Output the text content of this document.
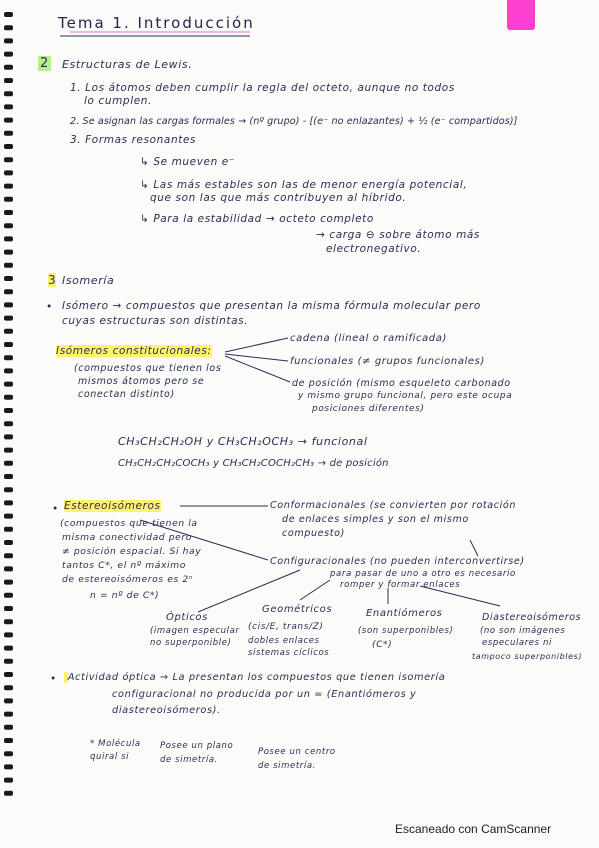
Tema 1. Introducción
2 Estructuras de Lewis.
1. Los átomos deben cumplir la regla del octeto, aunque no todos
lo cumplen.
2. Se asignan las cargas formales → (nº grupo) - [(e⁻ no enlazantes) + ½ (e⁻ compartidos)]
3. Formas resonantes
↳ Se mueven e⁻
↳ Las más estables son las de menor energía potencial,
que son las que más contribuyen al híbrido.
↳ Para la estabilidad → octeto completo
→ carga ⊖ sobre átomo más
electronegativo.
3 Isomería
• Isómero → compuestos que presentan la misma fórmula molecular pero
cuyas estructuras son distintas.
Isómeros constitucionales:
(compuestos que tienen los
mismos átomos pero se
conectan distinto)
cadena (lineal o ramificada)
funcionales (≠ grupos funcionales)
de posición (mismo esqueleto carbonado
y mismo grupo funcional, pero este ocupa
posiciones diferentes)
CH₃CH₂CH₂OH y CH₃CH₂OCH₃ → funcional
CH₃CH₂CH₂COCH₃ y CH₃CH₂COCH₂CH₃ → de posición
• Estereoisómeros
(compuestos que tienen la
misma conectividad pero
≠ posición espacial. Si hay
tantos C*, el nº máximo
de estereoisómeros es 2ⁿ
n = nº de C*)
Conformacionales (se convierten por rotación
de enlaces simples y son el mismo
compuesto)
Configuracionales (no pueden interconvertirse)
para pasar de uno a otro es necesario
romper y formar enlaces
Ópticos
(imagen especular
no superponible)
Geométricos
(cis/E, trans/Z)
dobles enlaces
sistemas cíclicos
Enantiómeros
(son superponibles)
(C*)
Diastereoisómeros
(no son imágenes
especulares ni
tampoco superponibles)
•	Actividad óptica → La presentan los compuestos que tienen isomería
configuracional no producida por un = (Enantiómeros y
diastereoisómeros).
* Molécula
quiral si
Posee un plano
de simetría.
Posee un centro
de simetría.
Escaneado con CamScanner
